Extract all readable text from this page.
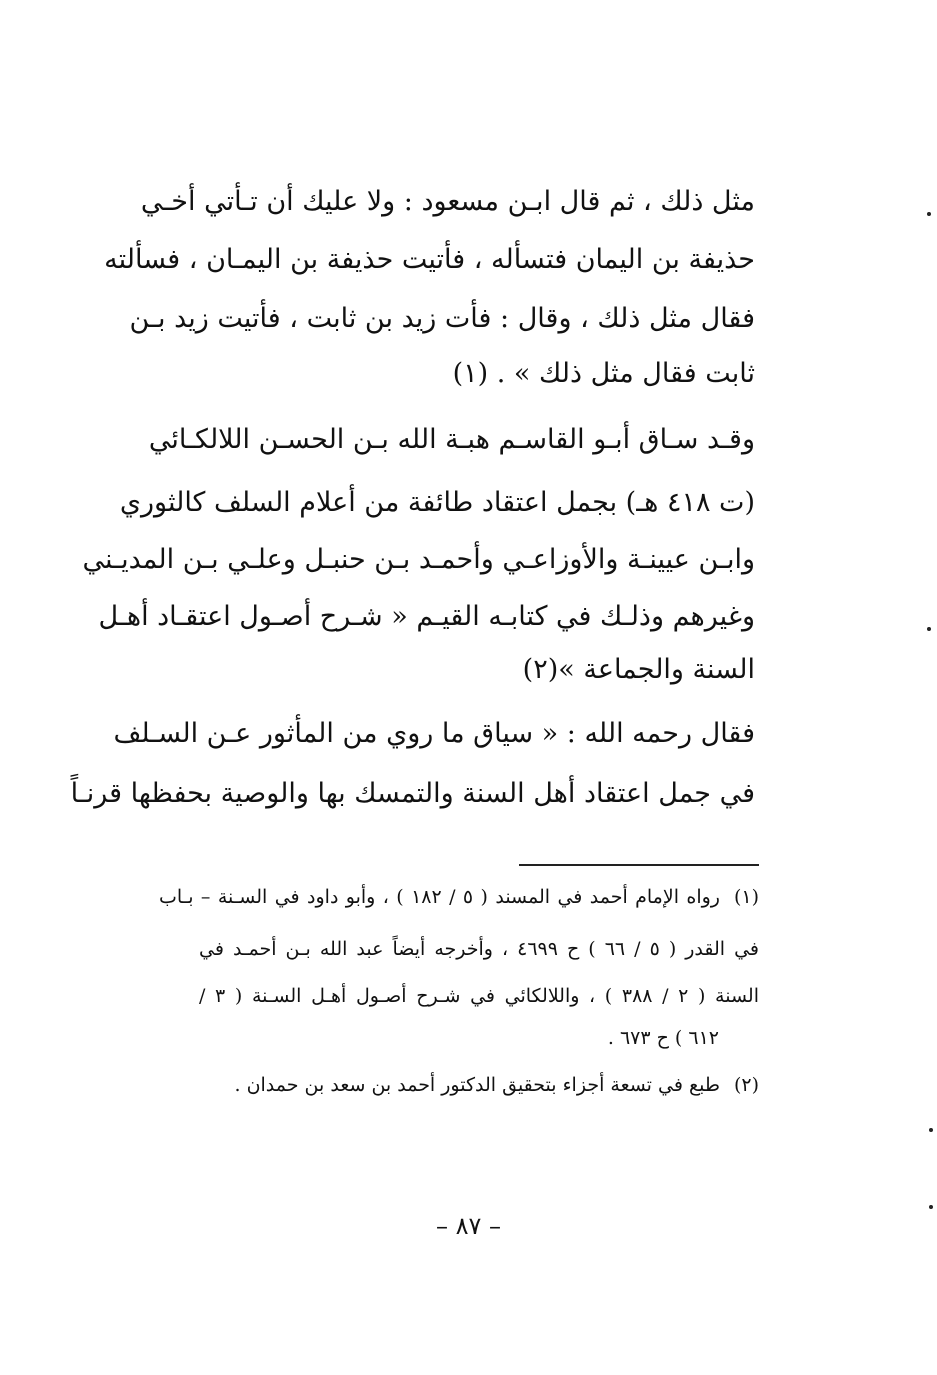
مثل ذلك ، ثم قال ابـن مسعود : ولا عليك أن تـأتي أخـي
حذيفة بن اليمان فتسأله ، فأتيت حذيفة بن اليمـان ، فسألته
فقال مثل ذلك ، وقال : فأت زيد بن ثابت ، فأتيت زيد بـن
ثابت فقال مثل ذلك » . (١)
وقـد سـاق أبـو القاسـم هبـة الله بـن الحسـن اللالكـائي
(ت ٤١٨ هـ) بجمل اعتقاد طائفة من أعلام السلف كالثوري
وابـن عيينـة والأوزاعـي وأحمـد بـن حنبـل وعلـي بـن المديـني
وغيرهم وذلـك في كتابـه القيـم « شـرح أصـول اعتقـاد أهـل
السنة والجماعة »(٢)
فقال رحمه الله : « سياق ما روي من المأثور عـن السـلف
في جمل اعتقاد أهل السنة والتمسك بها والوصية بحفظها قرنـاً
(١)رواه الإمام أحمد في المسند ( ٥ / ١٨٢ ) ، وأبو داود في السـنة – بـاب
في القدر ( ٥ / ٦٦ ) ح ٤٦٩٩ ، وأخرجه أيضاً عبد الله بـن أحمـد في
السنة ( ٢ / ٣٨٨ ) ، واللالكائي في شـرح أصـول أهـل السـنة ( ٣ /
٦١٢ ) ح ٦٧٣ .
(٢)طبع في تسعة أجزاء بتحقيق الدكتور أحمد بن سعد بن حمدان .
– ٨٧ –
